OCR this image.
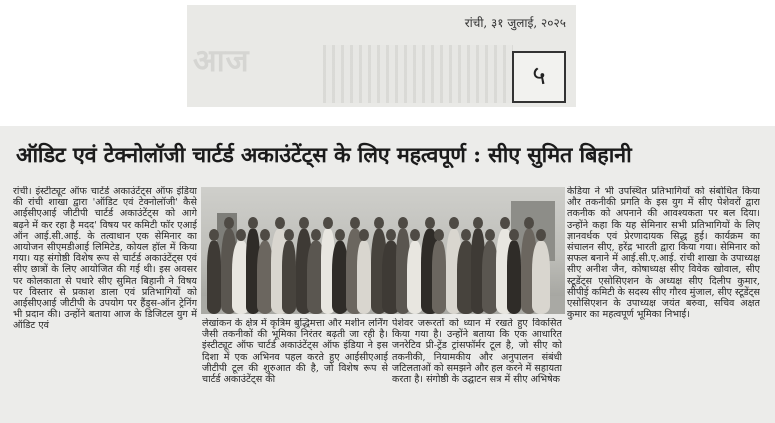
आज
रांची, ३१ जुलाई, २०२५
५
ऑडिट एवं टेक्नोलॉजी चार्टर्ड अकाउंटेंट्स के लिए महत्वपूर्ण : सीए सुमित बिहानी

रांची। इंस्टीट्यूट ऑफ चार्टर्ड अकाउंटेंट्स ऑफ इंडिया की रांची शाखा द्वारा 'ऑडिट एवं टेक्नोलॉजी' कैसे आईसीएआई जीटीपी चार्टर्ड अकाउंटेंट्स को आगे बढ़ने में कर रहा है मदद' विषय पर कमिटी फॉर एआई ऑन आई.सी.आई. के तत्वाधान एक सेमिनार का आयोजन सीएमडीआई लिमिटेड, कोयल हॉल में किया गया। यह संगोष्ठी विशेष रूप से चार्टर्ड अकाउंटेंट्स एवं सीए छात्रों के लिए आयोजित की गई थी। इस अवसर पर कोलकाता से पधारे सीए सुमित बिहानी ने विषय पर विस्तार से प्रकाश डाला एवं प्रतिभागियों को आईसीएआई जीटीपी के उपयोग पर हैंड्स-ऑन ट्रेनिंग भी प्रदान की। उन्होंने बताया आज के डिजिटल युग में ऑडिट एवं	लेखांकन के क्षेत्र में कृत्रिम बुद्धिमत्ता और मशीन लर्निंग जैसी तकनीकों की भूमिका निरंतर बढ़ती जा रही है। इंस्टीट्यूट ऑफ चार्टर्ड अकाउंटेंट्स ऑफ इंडिया ने इस दिशा में एक अभिनव पहल करते हुए आईसीएआई जीटीपी टूल की शुरुआत की है, जो विशेष रूप से चार्टर्ड अकाउंटेंट्स की

पेशेवर जरूरतों को ध्यान में रखते हुए विकसित किया गया है। उन्होंने बताया कि एक आधारित जनरेटिव प्री-ट्रेंड ट्रांसफॉर्मर टूल है, जो सीए को तकनीकी, नियामकीय और अनुपालन संबंधी जटिलताओं को समझने और हल करने में सहायता करता है। संगोष्ठी के उद्घाटन सत्र में सीए अभिषेक

केडिया ने भी उपस्थित प्रतिभागियों को संबोधित किया और तकनीकी प्रगति के इस युग में सीए पेशेवरों द्वारा तकनीक को अपनाने की आवश्यकता पर बल दिया। उन्होंने कहा कि यह सेमिनार सभी प्रतिभागियों के लिए ज्ञानवर्धक एवं प्रेरणादायक सिद्ध हुई। कार्यक्रम का संचालन सीए, हरेंद्र भारती द्वारा किया गया। सेमिनार को सफल बनाने में आई.सी.ए.आई. रांची शाखा के उपाध्यक्ष सीए अनीश जैन, कोषाध्यक्ष सीए विवेक खोवाल, सीए स्टूडेंट्स एसोसिएशन के अध्यक्ष सीए दिलीप कुमार, सीपीई कमिटी के सदस्य सीए गौरव मुंजाल, सीए स्टूडेंट्स एसोसिएशन के उपाध्यक्ष जयंत बरुवा, सचिव अक्षत कुमार का महत्वपूर्ण भूमिका निभाई।
